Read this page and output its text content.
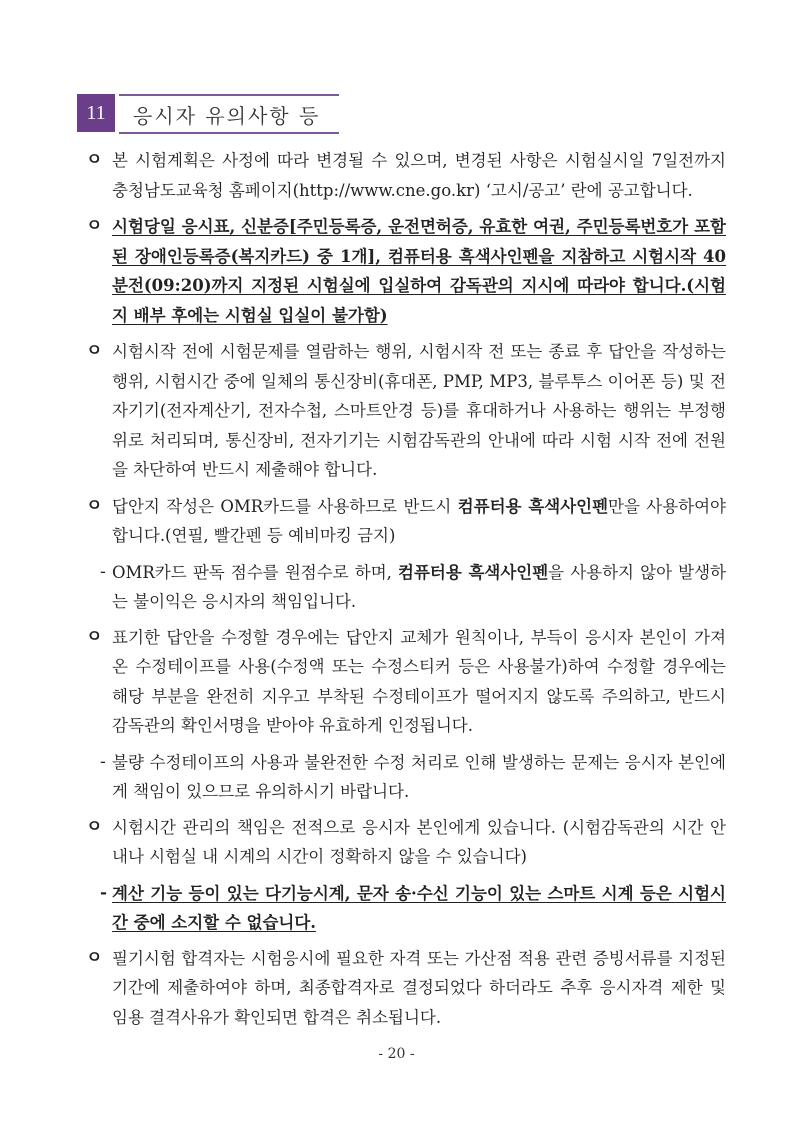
11	응시자 유의사항 등
ㅇ 본 시험계획은 사정에 따라 변경될 수 있으며, 변경된 사항은 시험실시일 7일전까지 충청남도교육청 홈페이지(http://www.cne.go.kr) ‘고시/공고’ 란에 공고합니다.
ㅇ 시험당일 응시표, 신분증[주민등록증, 운전면허증, 유효한 여권, 주민등록번호가 포함된 장애인등록증(복지카드) 중 1개], 컴퓨터용 흑색사인펜을 지참하고 시험시작 40분전(09:20)까지 지정된 시험실에 입실하여 감독관의 지시에 따라야 합니다.(시험지 배부 후에는 시험실 입실이 불가함)
ㅇ 시험시작 전에 시험문제를 열람하는 행위, 시험시작 전 또는 종료 후 답안을 작성하는 행위, 시험시간 중에 일체의 통신장비(휴대폰, PMP, MP3, 블루투스 이어폰 등) 및 전자기기(전자계산기, 전자수첩, 스마트안경 등)를 휴대하거나 사용하는 행위는 부정행위로 처리되며, 통신장비, 전자기기는 시험감독관의 안내에 따라 시험 시작 전에 전원을 차단하여 반드시 제출해야 합니다.
ㅇ 답안지 작성은 OMR카드를 사용하므로 반드시 컴퓨터용 흑색사인펜만을 사용하여야 합니다.(연필, 빨간펜 등 예비마킹 금지)
- OMR카드 판독 점수를 원점수로 하며, 컴퓨터용 흑색사인펜을 사용하지 않아 발생하는 불이익은 응시자의 책임입니다.
ㅇ 표기한 답안을 수정할 경우에는 답안지 교체가 원칙이나, 부득이 응시자 본인이 가져온 수정테이프를 사용(수정액 또는 수정스티커 등은 사용불가)하여 수정할 경우에는 해당 부분을 완전히 지우고 부착된 수정테이프가 떨어지지 않도록 주의하고, 반드시 감독관의 확인서명을 받아야 유효하게 인정됩니다.
- 불량 수정테이프의 사용과 불완전한 수정 처리로 인해 발생하는 문제는 응시자 본인에게 책임이 있으므로 유의하시기 바랍니다.
ㅇ 시험시간 관리의 책임은 전적으로 응시자 본인에게 있습니다. (시험감독관의 시간 안내나 시험실 내 시계의 시간이 정확하지 않을 수 있습니다)
- 계산 기능 등이 있는 다기능시계, 문자 송·수신 기능이 있는 스마트 시계 등은 시험시간 중에 소지할 수 없습니다.
ㅇ 필기시험 합격자는 시험응시에 필요한 자격 또는 가산점 적용 관련 증빙서류를 지정된 기간에 제출하여야 하며, 최종합격자로 결정되었다 하더라도 추후 응시자격 제한 및 임용 결격사유가 확인되면 합격은 취소됩니다.
- 20 -
